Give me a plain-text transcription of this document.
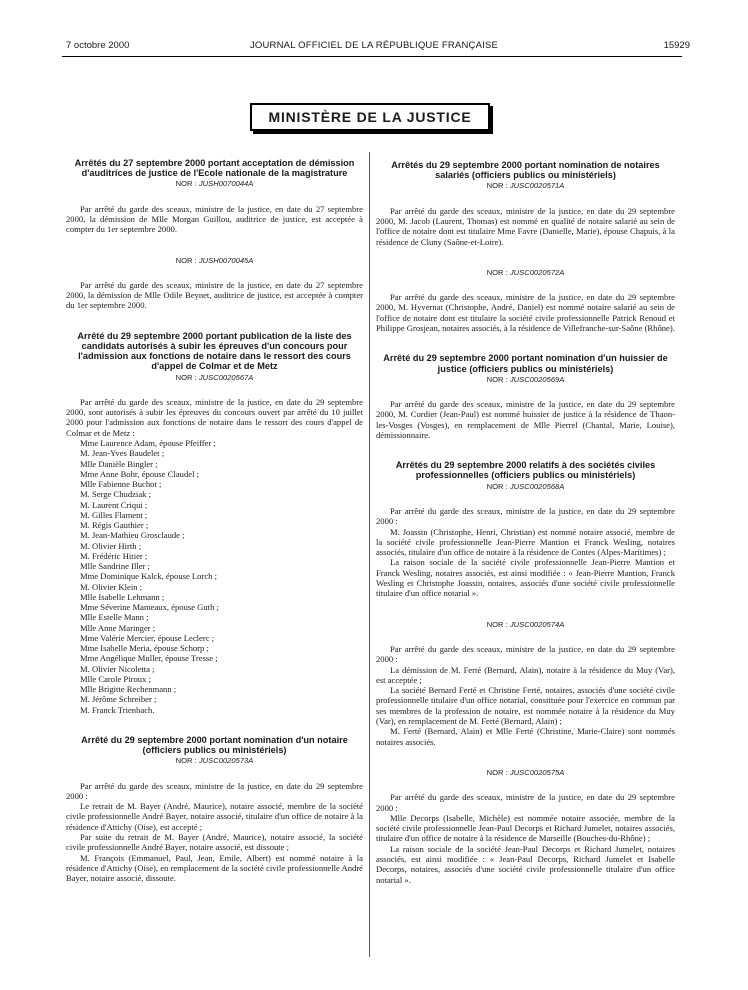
7 octobre 2000	JOURNAL OFFICIEL DE LA RÉPUBLIQUE FRANÇAISE	15929
MINISTÈRE DE LA JUSTICE
Arrêtés du 27 septembre 2000 portant acceptation de démission d'auditrices de justice de l'Ecole nationale de la magistrature
NOR : JUSH0070044A

Par arrêté du garde des sceaux, ministre de la justice, en date du 27 septembre 2000, la démission de Mlle Morgan Guillou, auditrice de justice, est acceptée à compter du 1er septembre 2000.

NOR : JUSH0070045A

Par arrêté du garde des sceaux, ministre de la justice, en date du 27 septembre 2000, la démission de Mlle Odile Beynet, auditrice de justice, est acceptée à compter du 1er septembre 2000.

Arrêté du 29 septembre 2000 portant publication de la liste des candidats autorisés à subir les épreuves d'un concours pour l'admission aux fonctions de notaire dans le ressort des cours d'appel de Colmar et de Metz
NOR : JUSC0020567A

Par arrêté du garde des sceaux, ministre de la justice, en date du 29 septembre 2000, sont autorisés à subir les épreuves du concours ouvert par arrêté du 10 juillet 2000 pour l'admission aux fonctions de notaire dans le ressort des cours d'appel de Colmar et de Metz :

Mme Laurence Adam, épouse Pfeiffer ;
M. Jean-Yves Baudelet ;
Mlle Danièle Bingler ;
Mme Anne Bohr, épouse Claudel ;
Mlle Fabienne Buchot ;
M. Serge Chudziak ;
M. Laurent Criqui ;
M. Gilles Flament ;
M. Régis Gauthier ;
M. Jean-Mathieu Grosclaude ;
M. Olivier Hirth ;
M. Frédéric Hitier ;
Mlle Sandrine Iller ;
Mme Dominique Kalck, épouse Lorch ;
M. Olivier Klein ;
Mlle Isabelle Lehmann ;
Mme Séverine Mameaux, épouse Guth ;
Mlle Estelle Mann ;
Mlle Anne Maringer ;
Mme Valérie Mercier, épouse Leclerc ;
Mme Isabelle Meria, épouse Schorp ;
Mme Angélique Muller, épouse Tresse ;
M. Olivier Nicoletta ;
Mlle Carole Piroux ;
Mlle Brigitte Rechenmann ;
M. Jérôme Schreiber ;
M. Franck Trienbach.
Arrêté du 29 septembre 2000 portant nomination d'un notaire (officiers publics ou ministériels)
NOR : JUSC0020573A

Par arrêté du garde des sceaux, ministre de la justice, en date du 29 septembre 2000 :

Le retrait de M. Bayer (André, Maurice), notaire associé, membre de la société civile professionnelle André Bayer, notaire associé, titulaire d'un office de notaire à la résidence d'Attichy (Oise), est accepté ;

Par suite du retrait de M. Bayer (André, Maurice), notaire associé, la société civile professionnelle André Bayer, notaire associé, est dissoute ;

M. François (Emmanuel, Paul, Jean, Emile, Albert) est nommé notaire à la résidence d'Attichy (Oise), en remplacement de la société civile professionnelle André Bayer, notaire associé, dissoute.

Arrêtés du 29 septembre 2000 portant nomination de notaires salariés (officiers publics ou ministériels)
NOR : JUSC0020571A

Par arrêté du garde des sceaux, ministre de la justice, en date du 29 septembre 2000, M. Jacob (Laurent, Thomas) est nommé en qualité de notaire salarié au sein de l'office de notaire dont est titulaire Mme Favre (Danielle, Marie), épouse Chapuis, à la résidence de Cluny (Saône-et-Loire).

NOR : JUSC0020572A

Par arrêté du garde des sceaux, ministre de la justice, en date du 29 septembre 2000, M. Hyvernat (Christophe, André, Daniel) est nommé notaire salarié au sein de l'office de notaire dont est titulaire la société civile professionnelle Patrick Renoud et Philippe Grosjean, notaires associés, à la résidence de Villefranche-sur-Saône (Rhône).

Arrêté du 29 septembre 2000 portant nomination d'un huissier de justice (officiers publics ou ministériels)
NOR : JUSC0020569A

Par arrêté du garde des sceaux, ministre de la justice, en date du 29 septembre 2000, M. Cordier (Jean-Paul) est nommé huissier de justice à la résidence de Thaon-les-Vosges (Vosges), en remplacement de Mlle Pierrel (Chantal, Marie, Louise), démissionnaire.

Arrêtés du 29 septembre 2000 relatifs à des sociétés civiles professionnelles (officiers publics ou ministériels)
NOR : JUSC0020568A

Par arrêté du garde des sceaux, ministre de la justice, en date du 29 septembre 2000 :

M. Joassin (Christophe, Henri, Christian) est nommé notaire associé, membre de la société civile professionnelle Jean-Pierre Mantion et Franck Wesling, notaires associés, titulaire d'un office de notaire à la résidence de Contes (Alpes-Maritimes) ;

La raison sociale de la société civile professionnelle Jean-Pierre Mantion et Franck Wesling, notaires associés, est ainsi modifiée : « Jean-Pierre Mantion, Franck Wesling et Christophe Joassin, notaires, associés d'une société civile professionnelle titulaire d'un office notarial ».

NOR : JUSC0020574A

Par arrêté du garde des sceaux, ministre de la justice, en date du 29 septembre 2000 :

La démission de M. Ferté (Bernard, Alain), notaire à la résidence du Muy (Var), est acceptée ;

La société Bernard Ferté et Christine Ferté, notaires, associés d'une société civile professionnelle titulaire d'un office notarial, constituée pour l'exercice en commun par ses membres de la profession de notaire, est nommée notaire à la résidence du Muy (Var), en remplacement de M. Ferté (Bernard, Alain) ;

M. Ferté (Bernard, Alain) et Mlle Ferté (Christine, Marie-Claire) sont nommés notaires associés.

NOR : JUSC0020575A

Par arrêté du garde des sceaux, ministre de la justice, en date du 29 septembre 2000 :

Mlle Decorps (Isabelle, Michèle) est nommée notaire associée, membre de la société civile professionnelle Jean-Paul Decorps et Richard Jumelet, notaires associés, titulaire d'un office de notaire à la résidence de Marseille (Bouches-du-Rhône) ;

La raison sociale de la société Jean-Paul Decorps et Richard Jumelet, notaires associés, est ainsi modifiée : « Jean-Paul Decorps, Richard Jumelet et Isabelle Decorps, notaires, associés d'une société civile professionnelle titulaire d'un office notarial ».
